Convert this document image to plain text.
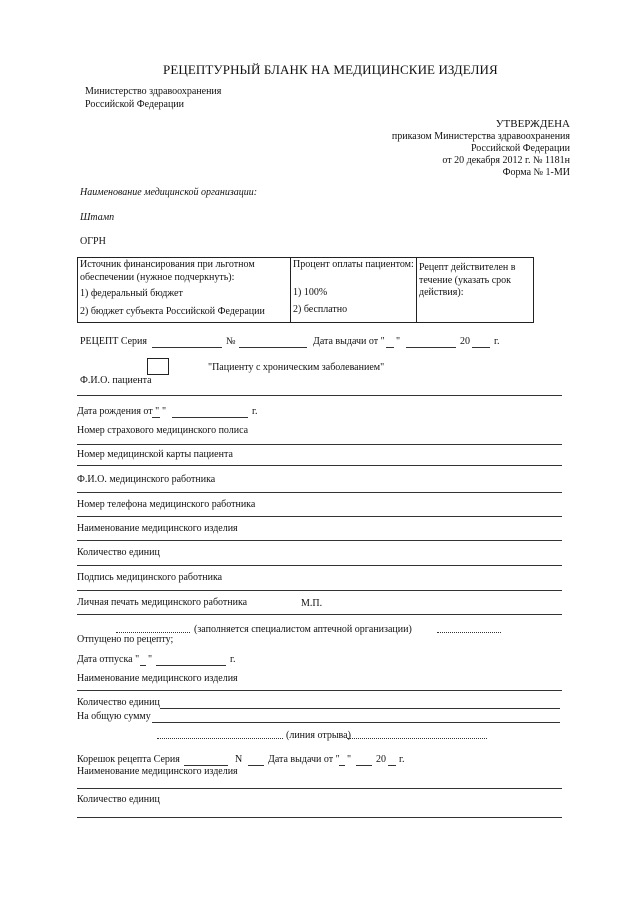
РЕЦЕПТУРНЫЙ БЛАНК НА МЕДИЦИНСКИЕ ИЗДЕЛИЯ
Министерство здравоохранения
Российской Федерации
УТВЕРЖДЕНА
приказом Министерства здравоохранения
Российской Федерации
от 20 декабря 2012 г. № 1181н
Форма № 1-МИ
Наименование медицинской организации:
Штамп
ОГРН
Источник финансирования при льготном
обеспечении (нужное подчеркнуть):
1) федеральный бюджет
2) бюджет субъекта Российской Федерации

Процент оплаты пациентом:
1) 100%
2) бесплатно

Рецепт действителен в
течение (указать срок
действия):
РЕЦЕПТ Серия	№	Дата выдачи от " "	20 г.
"Пациенту с хроническим заболеванием"
Ф.И.О. пациента
Дата рождения от " "	г.
Номер страхового медицинского полиса
Номер медицинской карты пациента
Ф.И.О. медицинского работника
Номер телефона медицинского работника
Наименование медицинского изделия
Количество единиц
Подпись медицинского работника
Личная печать медицинского работника	М.П.
(заполняется специалистом аптечной организации)
Отпущено по рецепту;
Дата отпуска " "	г.
Наименование медицинского изделия
Количество единиц
На общую сумму
(линия отрыва)
Корешок рецепта Серия	N	Дата выдачи от " " 20 г.
Наименование медицинского изделия
Количество единиц
